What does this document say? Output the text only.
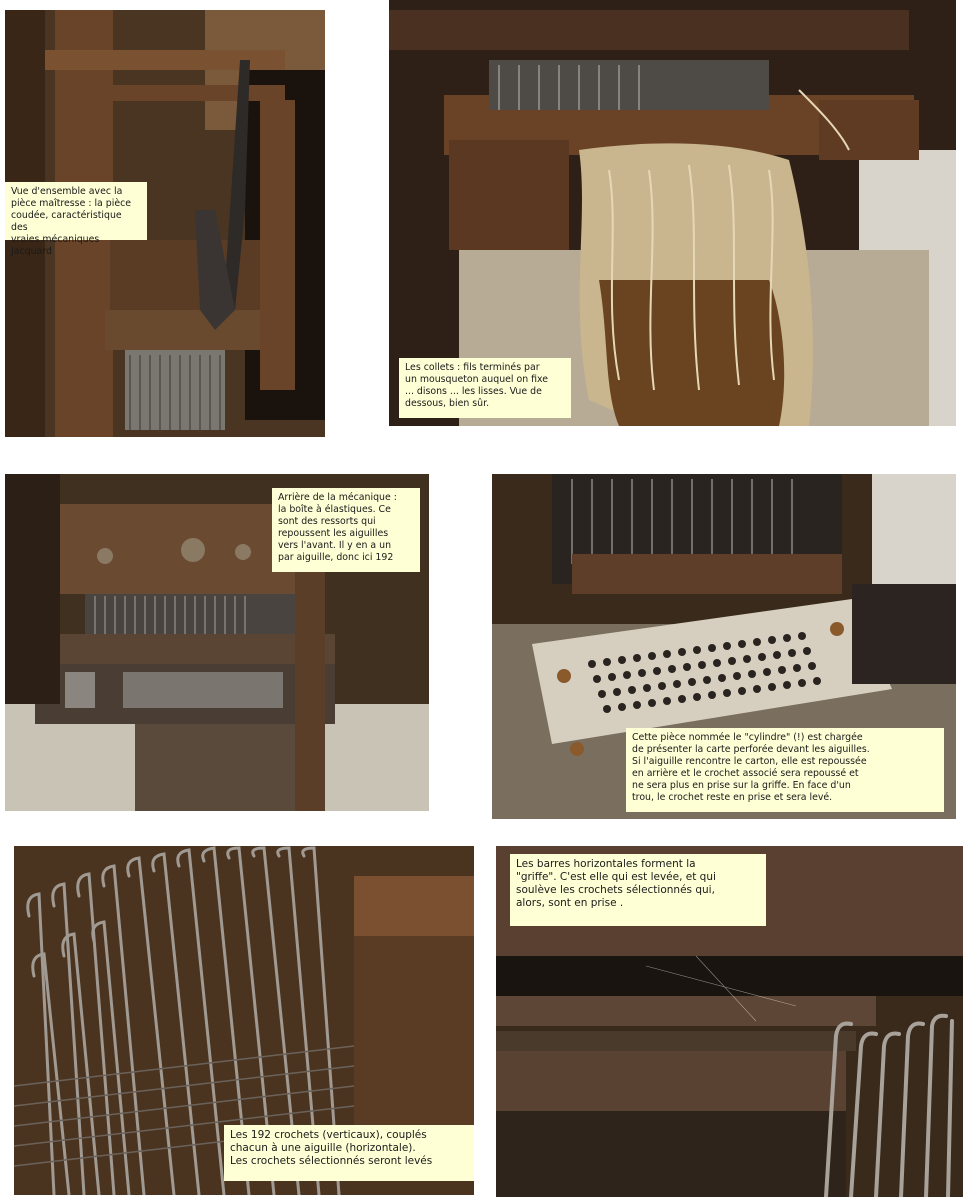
Vue d'ensemble avec la
pièce maîtresse : la pièce
coudée, caractéristique des
vraies mécaniques Jacquard
Les collets : fils terminés par
un mousqueton auquel on fixe
... disons ... les lisses. Vue de
dessous, bien sûr.
Arrière de la mécanique :
la boîte à élastiques. Ce
sont des ressorts qui
repoussent les aiguilles
vers l'avant. Il y en a un
par aiguille, donc ici 192
Cette pièce nommée le "cylindre" (!) est chargée
de présenter la carte perforée devant les aiguilles.
Si l'aiguille rencontre le carton, elle est repoussée
en arrière et le crochet associé sera repoussé et
ne sera plus en prise sur la griffe. En face d'un
trou, le crochet reste en prise et sera levé.
Les 192 crochets (verticaux), couplés
chacun à une aiguille (horizontale).
Les crochets sélectionnés seront levés
Les barres horizontales forment la
"griffe". C'est elle qui est levée, et qui
soulève les crochets sélectionnés qui,
alors, sont en prise .
